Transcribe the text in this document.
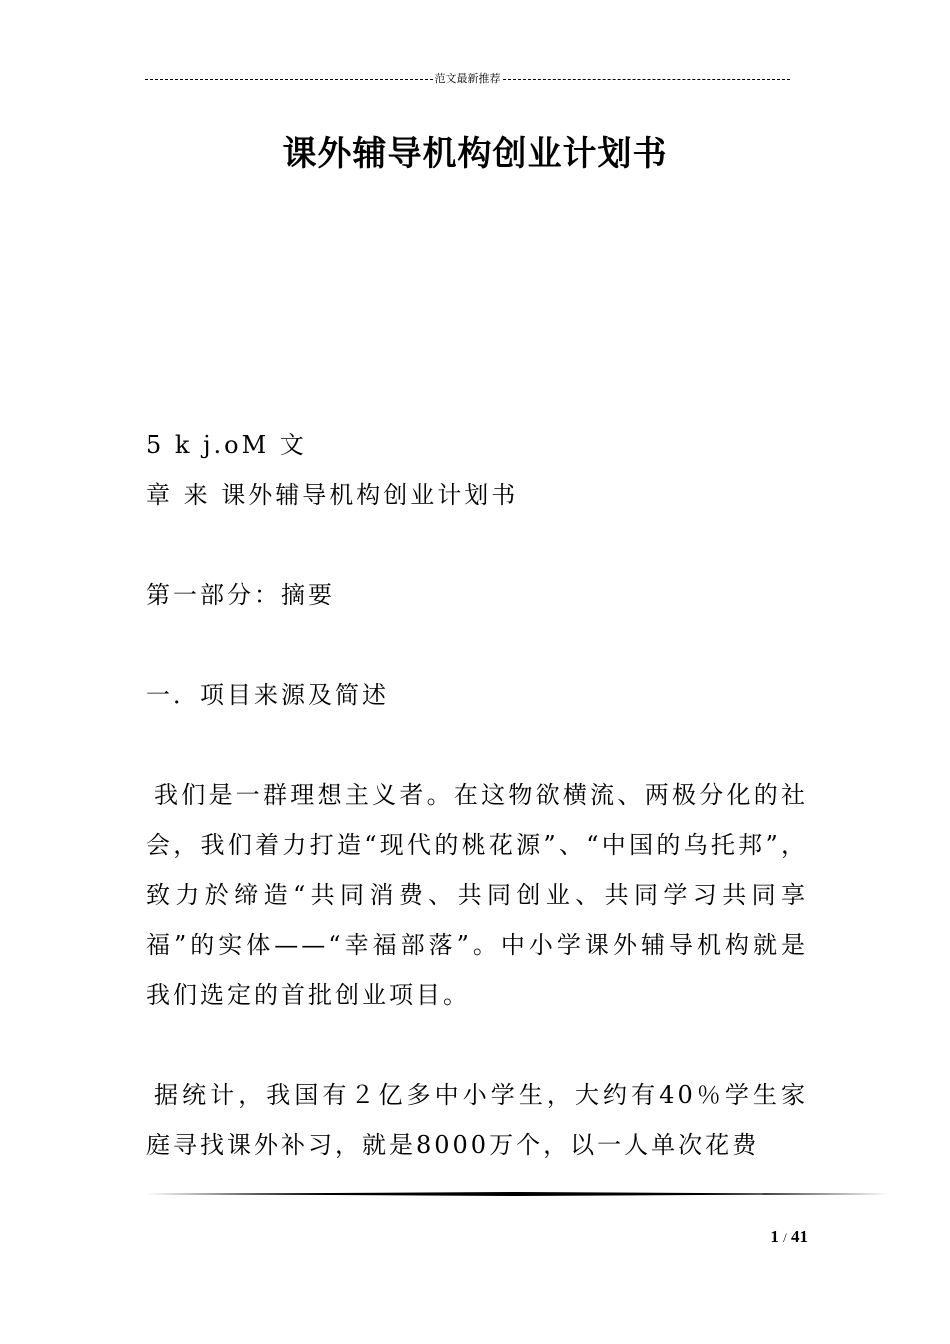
范文最新推荐
课外辅导机构创业计划书

5 k j.oM 文

章 来 课外辅导机构创业计划书

第一部分：摘要

一．项目来源及简述

我们是一群理想主义者。在这物欲横流、两极分化的社会，我们着力打造“现代的桃花源”、“中国的乌托邦”，致力於缔造“共同消费、共同创业、共同学习共同享福”的实体——“幸福部落”。中小学课外辅导机构就是我们选定的首批创业项目。

据统计，我国有２亿多中小学生，大约有40％学生家庭寻找课外补习，就是8000万个，以一人单次花费

1 / 41
